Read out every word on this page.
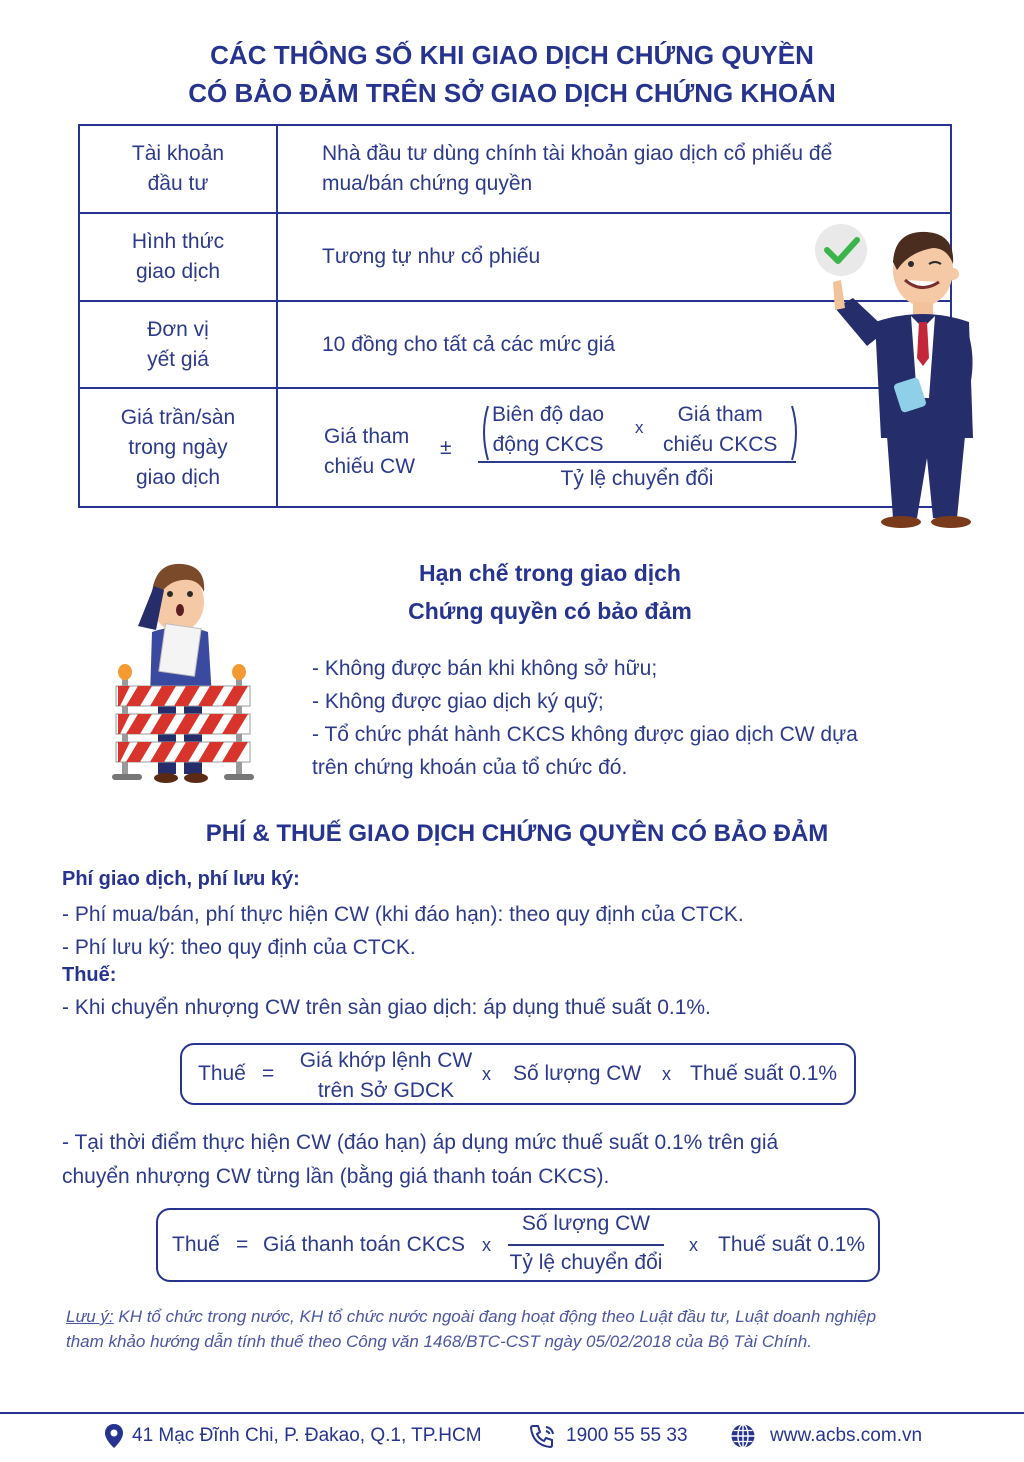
CÁC THÔNG SỐ KHI GIAO DỊCH CHỨNG QUYỀN
CÓ BẢO ĐẢM TRÊN SỞ GIAO DỊCH CHỨNG KHOÁN
Tài khoản
đầu tư
Nhà đầu tư dùng chính tài khoản giao dịch cổ phiếu để
mua/bán chứng quyền
Hình thức
giao dịch
Tương tự như cổ phiếu
Đơn vị
yết giá
10 đồng cho tất cả các mức giá
Giá trần/sàn
trong ngày
giao dịch
Giá tham
chiếu CW
±
Biên độ dao
động CKCS
x
Giá tham
chiếu CKCS
Tỷ lệ chuyển đổi
Hạn chế trong giao dịch
Chứng quyền có bảo đảm
- Không được bán khi không sở hữu;
- Không được giao dịch ký quỹ;
- Tổ chức phát hành CKCS không được giao dịch CW dựa
trên chứng khoán của tổ chức đó.
PHÍ & THUẾ GIAO DỊCH CHỨNG QUYỀN CÓ BẢO ĐẢM
Phí giao dịch, phí lưu ký:
- Phí mua/bán, phí thực hiện CW (khi đáo hạn): theo quy định của CTCK.
- Phí lưu ký: theo quy định của CTCK.
Thuế:
- Khi chuyển nhượng CW trên sàn giao dịch: áp dụng thuế suất 0.1%.
Thuế =
Giá khớp lệnh CW
trên Sở GDCK
x Số lượng CW x Thuế suất 0.1%
- Tại thời điểm thực hiện CW (đáo hạn) áp dụng mức thuế suất 0.1% trên giá
chuyển nhượng CW từng lần (bằng giá thanh toán CKCS).
Thuế = Giá thanh toán CKCS x
Số lượng CW
Tỷ lệ chuyển đổi
x Thuế suất 0.1%
Lưu ý: KH tổ chức trong nước, KH tổ chức nước ngoài đang hoạt động theo Luật đầu tư, Luật doanh nghiệp
tham khảo hướng dẫn tính thuế theo Công văn 1468/BTC-CST ngày 05/02/2018 của Bộ Tài Chính.
41 Mạc Đĩnh Chi, P. Đakao, Q.1, TP.HCM	1900 55 55 33	www.acbs.com.vn
